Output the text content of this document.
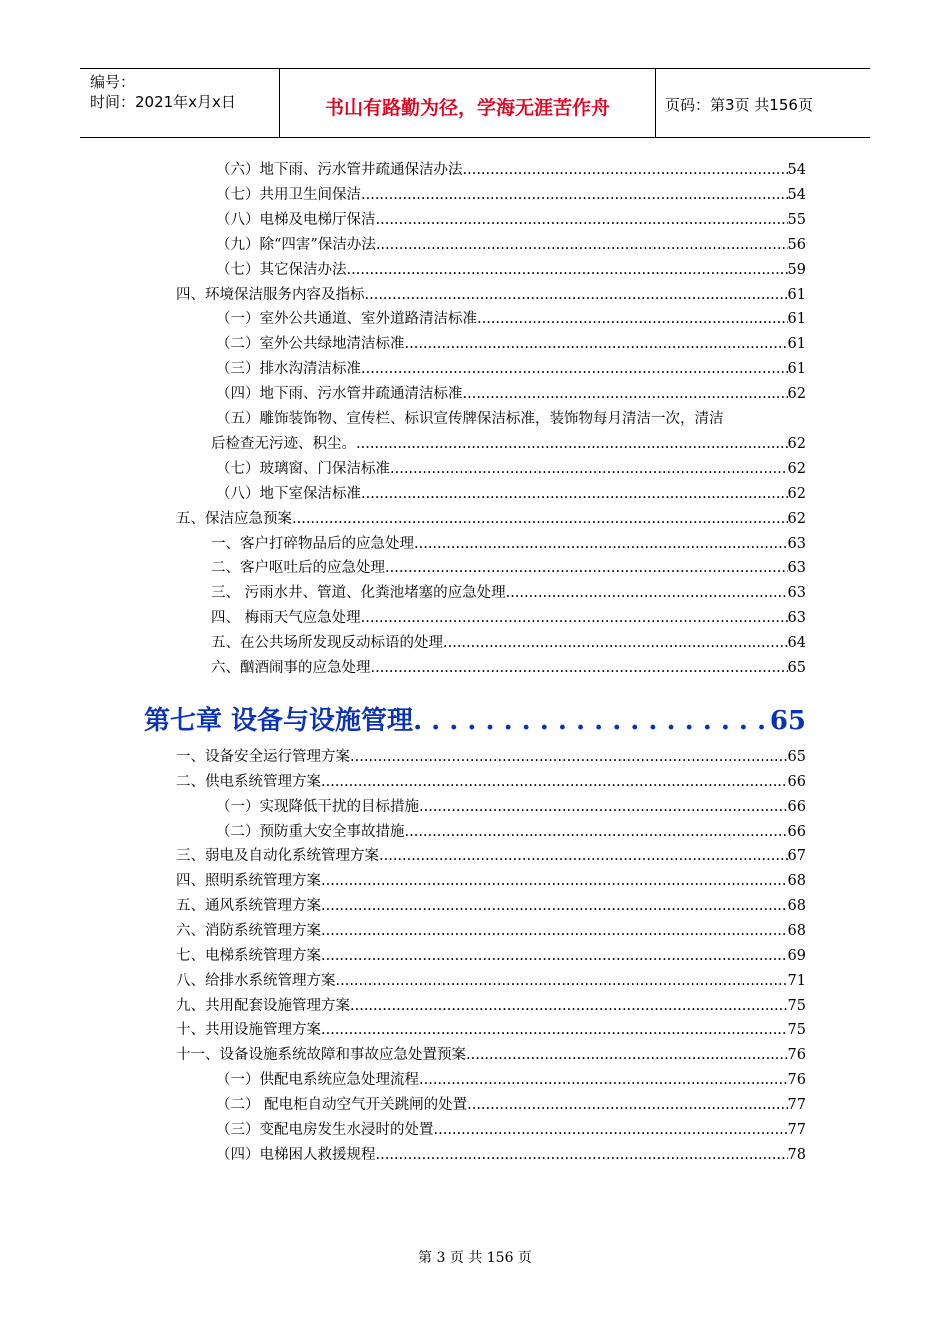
编号：
时间：2021年x月x日	书山有路勤为径，学海无涯苦作舟	页码：第3页 共156页
（六）地下雨、污水管井疏通保洁办法 .....	54
（七）共用卫生间保洁 .....	54
（八）电梯及电梯厅保洁 .....	55
（九）除“四害”保洁办法 .....	56
（七）其它保洁办法 .....	59
四、环境保洁服务内容及指标 .....	61
（一）室外公共通道、室外道路清洁标准 .....	61
（二）室外公共绿地清洁标准 .....	61
（三）排水沟清洁标准 .....	61
（四）地下雨、污水管井疏通清洁标准 .....	62
（五）雕饰装饰物、宣传栏、标识宣传牌保洁标准，装饰物每月清洁一次，清洁
后检查无污迹、积尘。 .....	62
（七）玻璃窗、门保洁标准 .....	62
（八）地下室保洁标准 .....	62
五、保洁应急预案 .....	62
一、客户打碎物品后的应急处理 .....	63
二、客户呕吐后的应急处理 .....	63
三、 污雨水井、管道、化粪池堵塞的应急处理 .....	63
四、 梅雨天气应急处理 .....	63
五、在公共场所发现反动标语的处理 .....	64
六、酗酒闹事的应急处理 .....	65
第七章 设备与设施管理 . . .	65
一、设备安全运行管理方案 .....	65
二、供电系统管理方案 .....	66
（一）实现降低干扰的目标措施 .....	66
（二）预防重大安全事故措施 .....	66
三、弱电及自动化系统管理方案 .....	67
四、照明系统管理方案 .....	68
五、通风系统管理方案 .....	68
六、消防系统管理方案 .....	68
七、电梯系统管理方案 .....	69
八、给排水系统管理方案 .....	71
九、共用配套设施管理方案 .....	75
十、共用设施管理方案 .....	75
十一、设备设施系统故障和事故应急处置预案 .....	76
（一）供配电系统应急处理流程 .....	76
（二） 配电柜自动空气开关跳闸的处置 .....	77
（三）变配电房发生水浸时的处置 .....	77
（四）电梯困人救援规程 .....	78
第 3 页 共 156 页
